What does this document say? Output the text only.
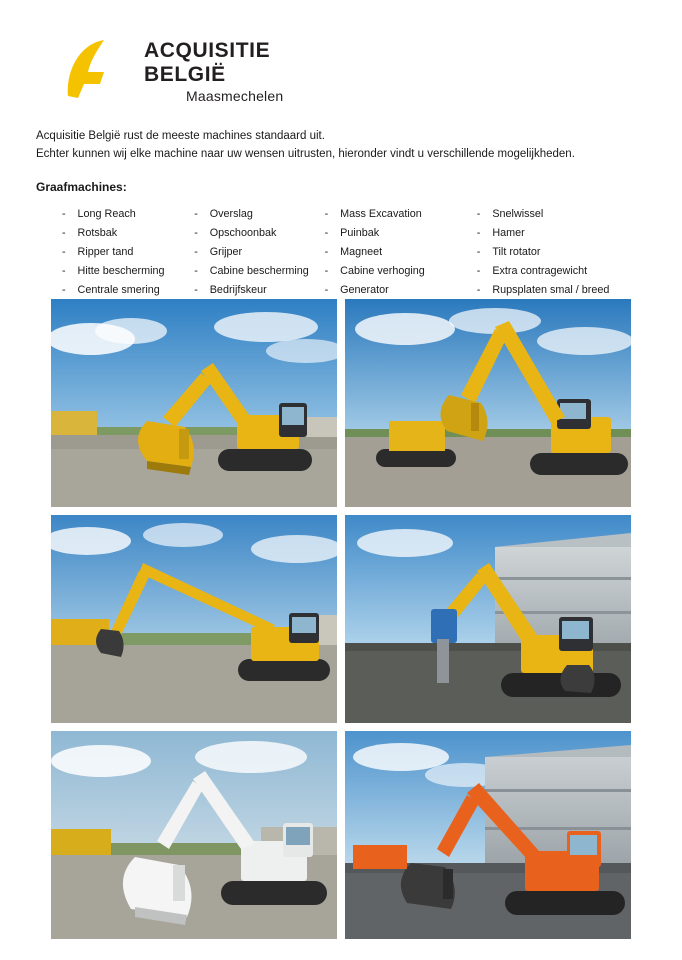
ACQUISITIE
BELGIË
Maasmechelen
Acquisitie België rust de meeste machines standaard uit.
Echter kunnen wij elke machine naar uw wensen uitrusten, hieronder vindt u verschillende mogelijkheden.
Graafmachines:
-	Long Reach	-	Overslag	-	Mass Excavation	-	Snelwissel
-	Rotsbak	-	Opschoonbak	-	Puinbak	-	Hamer
-	Ripper tand	-	Grijper	-	Magneet	-	Tilt rotator
-	Hitte bescherming	-	Cabine bescherming	-	Cabine verhoging	-	Extra contragewicht
-	Centrale smering	-	Bedrijfskeur	-	Generator	-	Rupsplaten smal / breed
